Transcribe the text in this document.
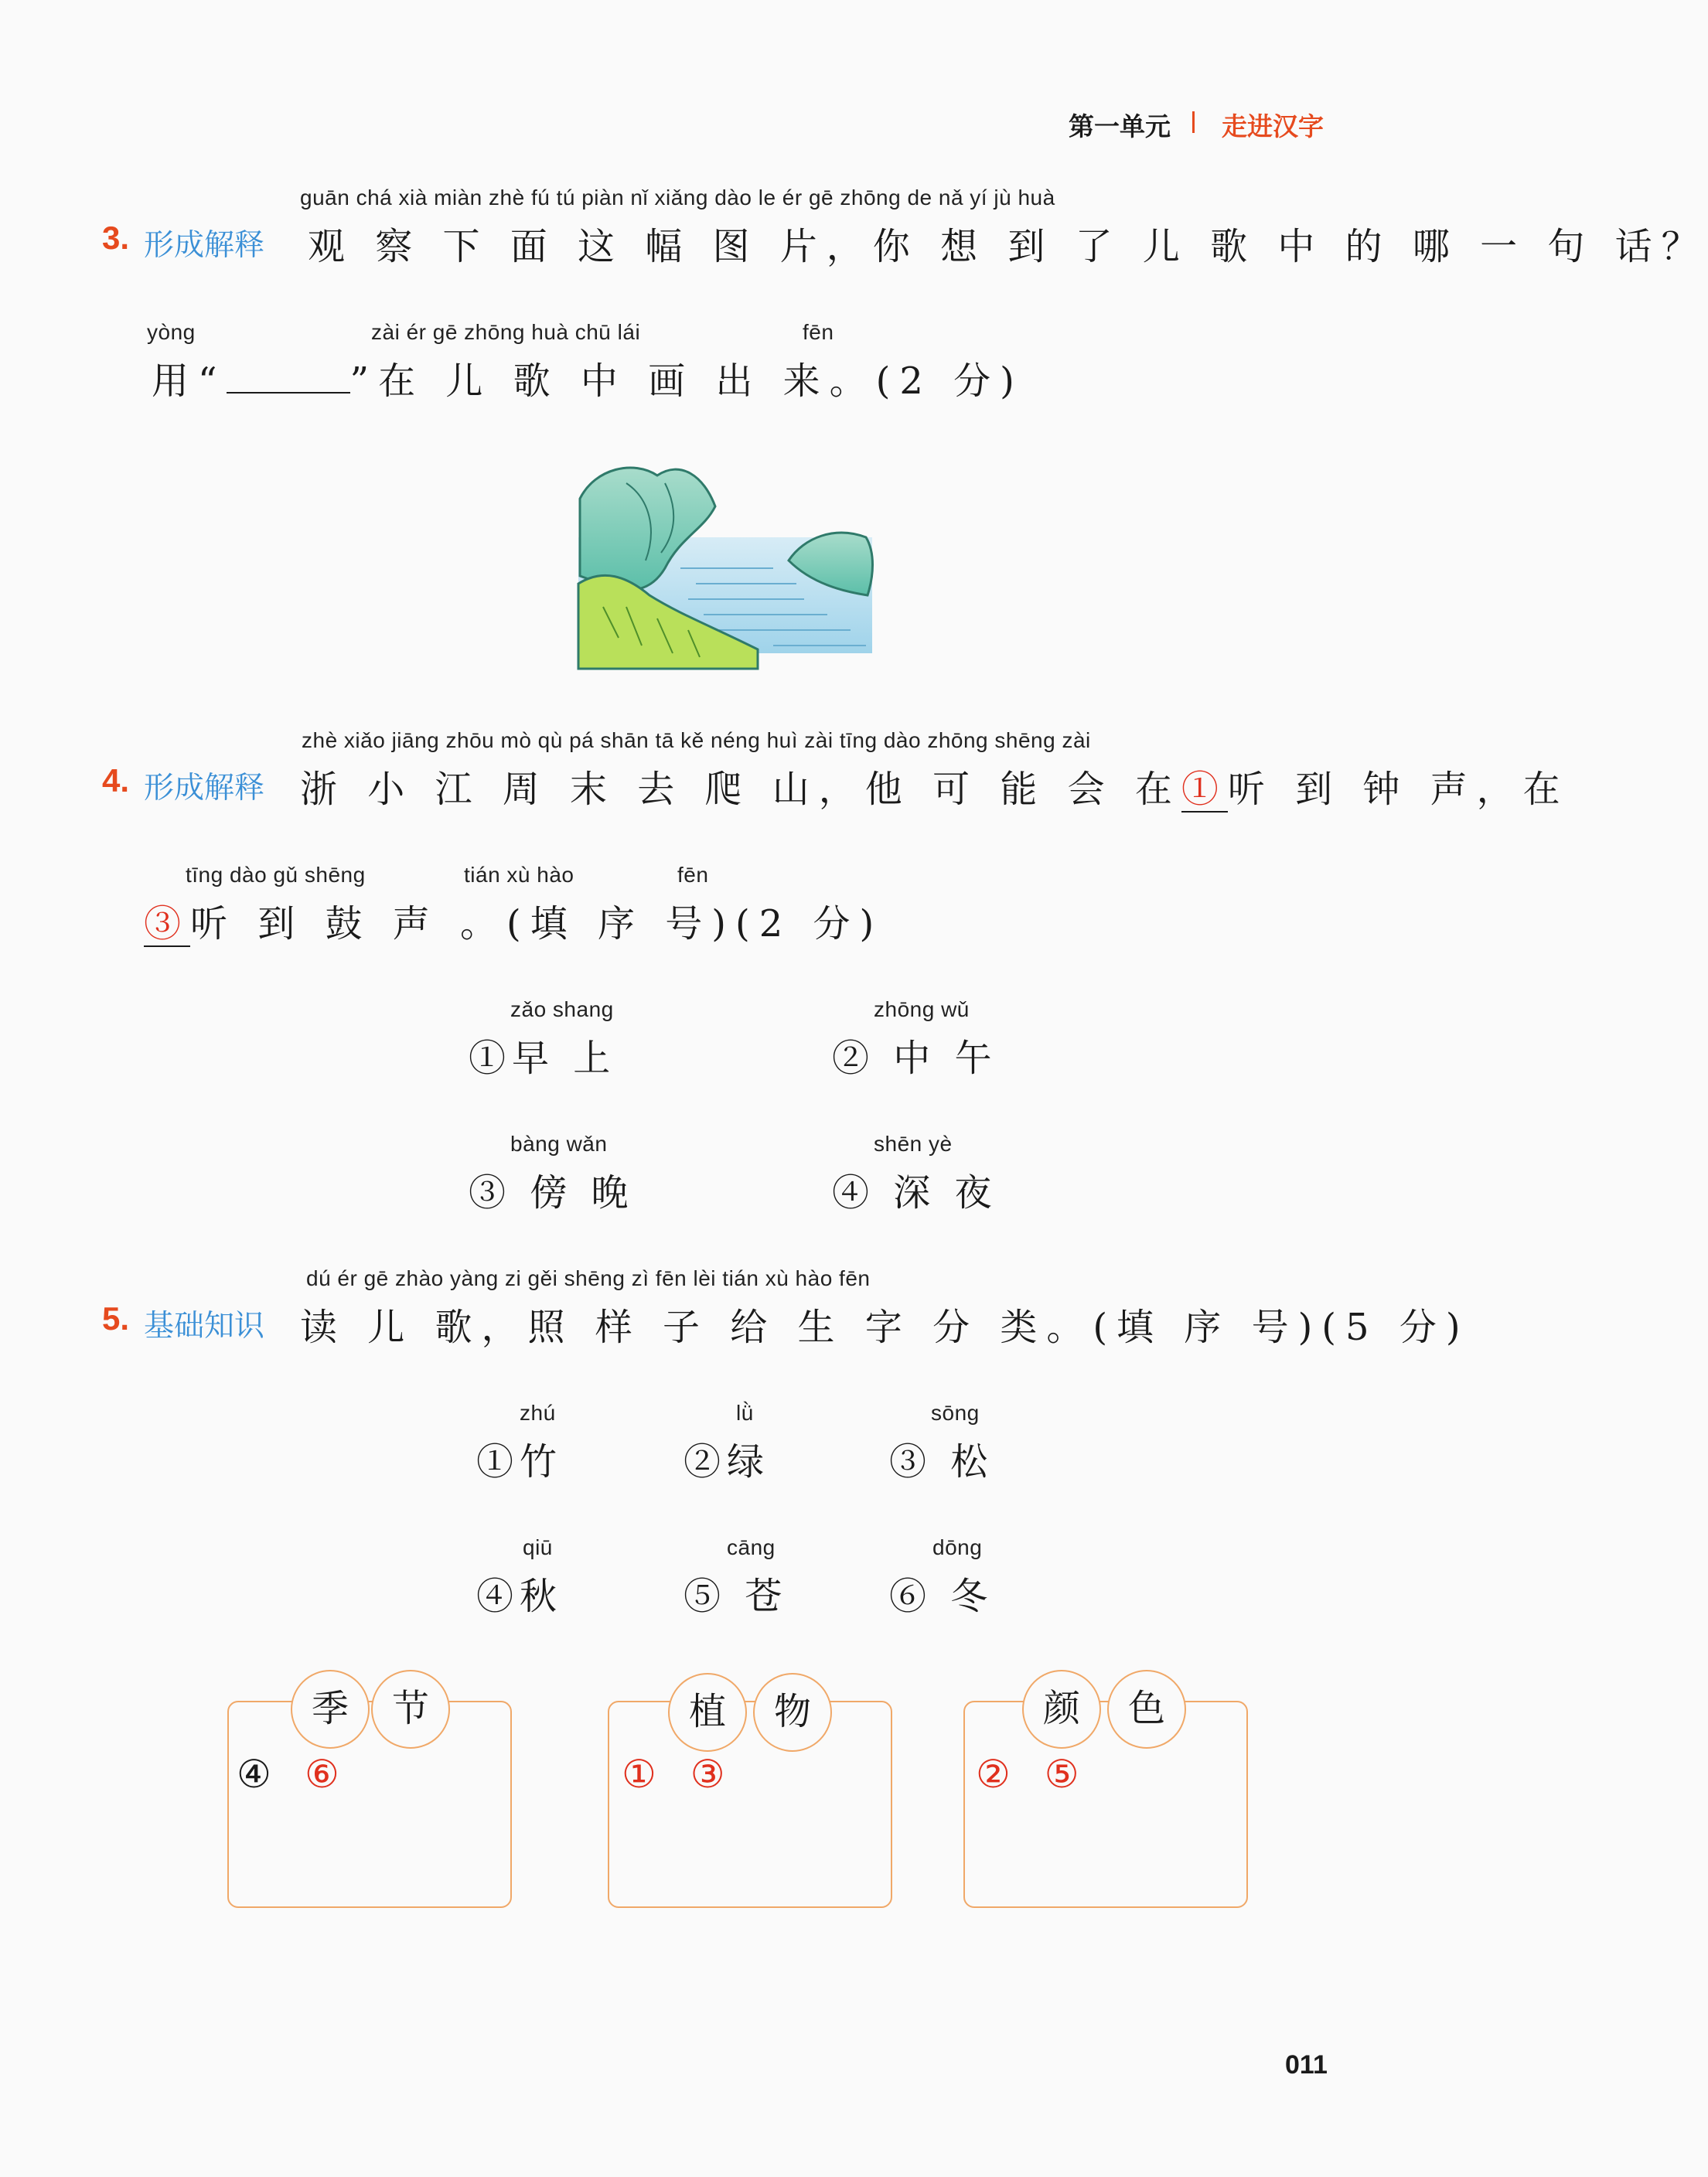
第一单元 走进汉字
guān chá xià miàn zhè fú tú piàn nǐ xiǎng dào le ér gē zhōng de nǎ yí jù huà
3. 形成解释 观 察 下 面 这 幅 图 片，你 想 到 了 儿 歌 中 的 哪 一 句 话？
yòng	zài ér gē zhōng huà chū lái	fēn
用“	”在 儿 歌 中 画 出 来。(2 分)
zhè xiǎo jiāng zhōu mò qù pá shān tā kě néng huì zài tīng dào zhōng shēng zài
4. 形成解释 浙 小 江 周 末 去 爬 山，他 可 能 会 在①听 到 钟 声，在
tīng dào gǔ shēng	tián xù hào	fēn
③听 到 鼓 声 。(填 序 号)(2 分)
zǎo shang
①早 上
zhōng wǔ
② 中 午
bàng wǎn
③ 傍 晚
shēn yè
④ 深 夜
dú ér gē zhào yàng zi gěi shēng zì fēn lèi tián xù hào fēn
5. 基础知识 读 儿 歌，照 样 子 给 生 字 分 类。(填 序 号)(5 分)
zhú
①竹
lǜ
②绿
sōng
③ 松
qiū
④秋
cāng
⑤ 苍
dōng
⑥ 冬
季	节
④ ⑥
植	物
① ③
颜	色
② ⑤
011
